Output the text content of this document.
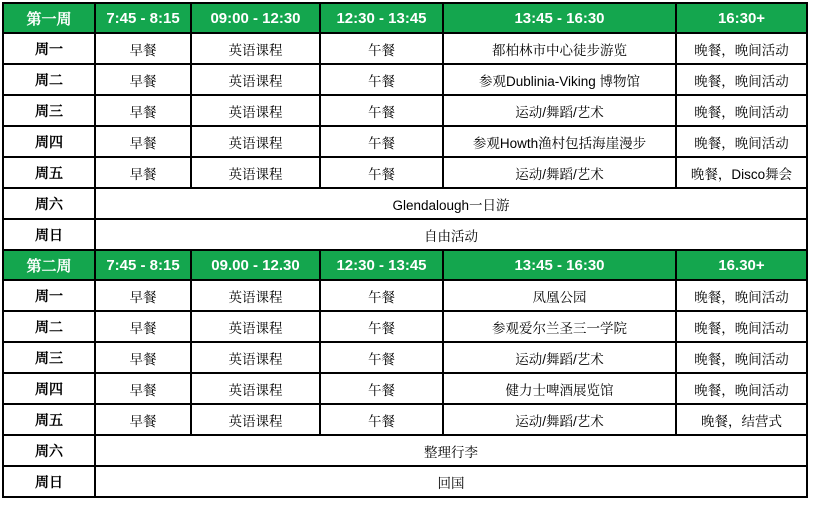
第一周	7:45 - 8:15	09:00 - 12:30	12:30 - 13:45	13:45 - 16:30	16:30+
周一	早餐	英语课程	午餐	都柏林市中心徒步游览	晚餐，晚间活动
周二	早餐	英语课程	午餐	参观Dublinia-Viking 博物馆	晚餐，晚间活动
周三	早餐	英语课程	午餐	运动/舞蹈/艺术	晚餐，晚间活动
周四	早餐	英语课程	午餐	参观Howth渔村包括海崖漫步	晚餐，晚间活动
周五	早餐	英语课程	午餐	运动/舞蹈/艺术	晚餐，Disco舞会
周六	Glendalough一日游				
周日	自由活动				
第二周	7:45 - 8:15	09.00 - 12.30	12:30 - 13:45	13:45 - 16:30	16.30+
周一	早餐	英语课程	午餐	凤凰公园	晚餐，晚间活动
周二	早餐	英语课程	午餐	参观爱尔兰圣三一学院	晚餐，晚间活动
周三	早餐	英语课程	午餐	运动/舞蹈/艺术	晚餐，晚间活动
周四	早餐	英语课程	午餐	健力士啤酒展览馆	晚餐，晚间活动
周五	早餐	英语课程	午餐	运动/舞蹈/艺术	晚餐，结营式
周六	整理行李				
周日	回国				
